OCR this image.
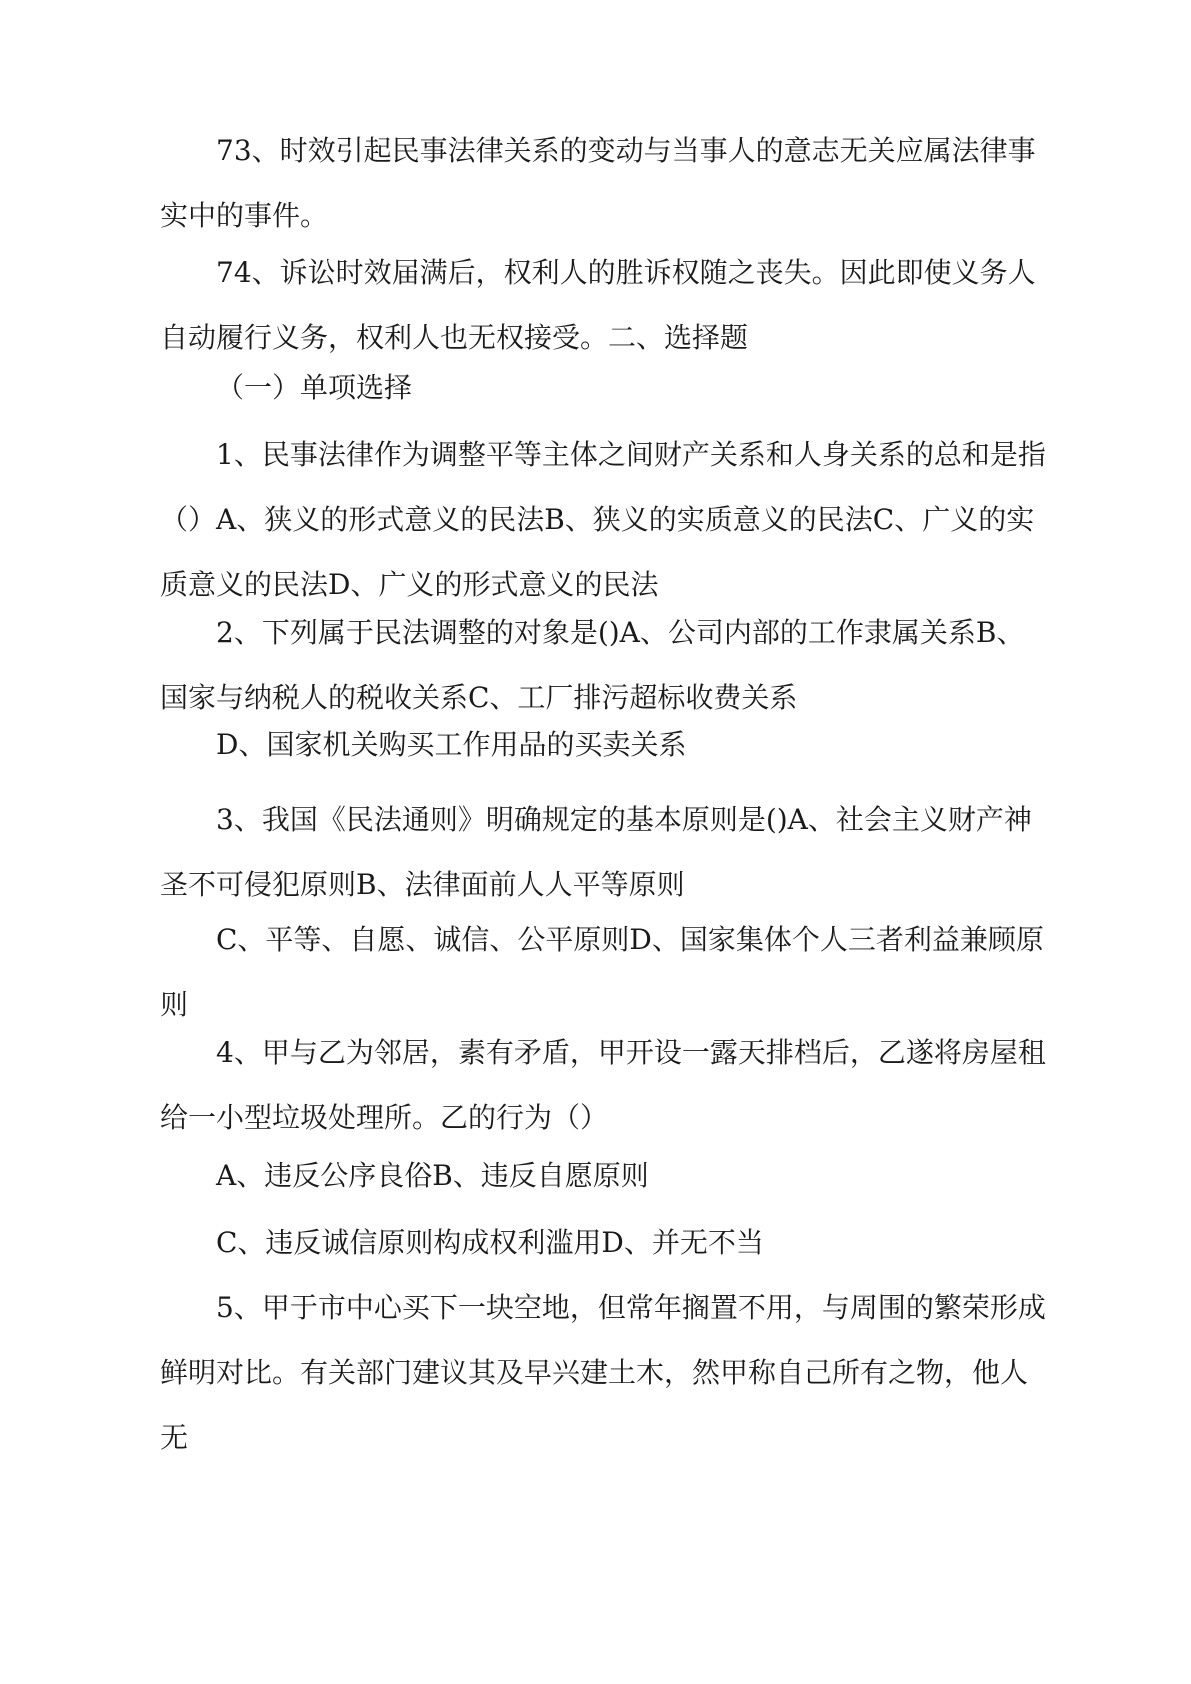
73、时效引起民事法律关系的变动与当事人的意志无关应属法律事实中的事件。

74、诉讼时效届满后，权利人的胜诉权随之丧失。因此即使义务人自动履行义务，权利人也无权接受。二、选择题

（一）单项选择

1、民事法律作为调整平等主体之间财产关系和人身关系的总和是指（）A、狭义的形式意义的民法B、狭义的实质意义的民法C、广义的实质意义的民法D、广义的形式意义的民法

2、下列属于民法调整的对象是()A、公司内部的工作隶属关系B、国家与纳税人的税收关系C、工厂排污超标收费关系

D、国家机关购买工作用品的买卖关系

3、我国《民法通则》明确规定的基本原则是()A、社会主义财产神圣不可侵犯原则B、法律面前人人平等原则

C、平等、自愿、诚信、公平原则D、国家集体个人三者利益兼顾原则

4、甲与乙为邻居，素有矛盾，甲开设一露天排档后，乙遂将房屋租给一小型垃圾处理所。乙的行为（）

A、违反公序良俗B、违反自愿原则

C、违反诚信原则构成权利滥用D、并无不当

5、甲于市中心买下一块空地，但常年搁置不用，与周围的繁荣形成鲜明对比。有关部门建议其及早兴建土木，然甲称自己所有之物，他人无
